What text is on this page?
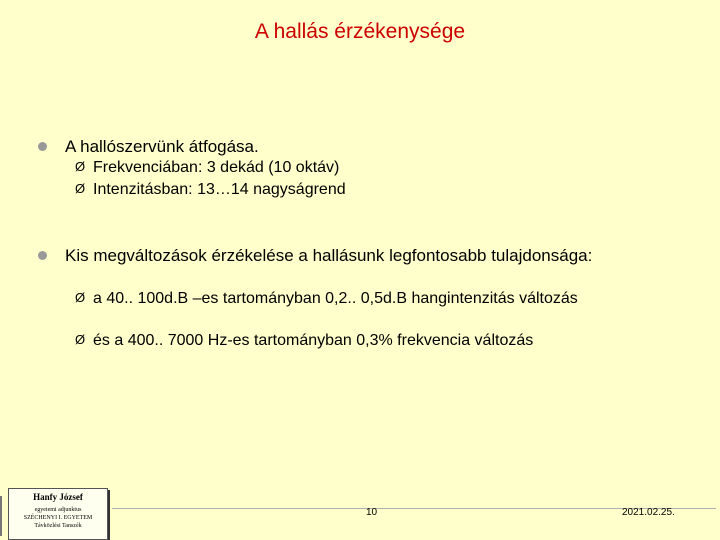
A hallás érzékenysége
A hallószervünk átfogása.
Ø Frekvenciában: 3 dekád (10 oktáv)
Ø Intenzitásban: 13…14 nagyságrend
Kis megváltozások érzékelése a hallásunk legfontosabb tulajdonsága:
Ø a 40.. 100d.B –es tartományban 0,2.. 0,5d.B hangintenzitás változás
Ø és a 400.. 7000 Hz-es tartományban 0,3% frekvencia változás
Hanfy József
egyetemi adjunktus
SZÉCHENYI I. EGYETEM
Távközlési Tanszék
10	2021.02.25.
